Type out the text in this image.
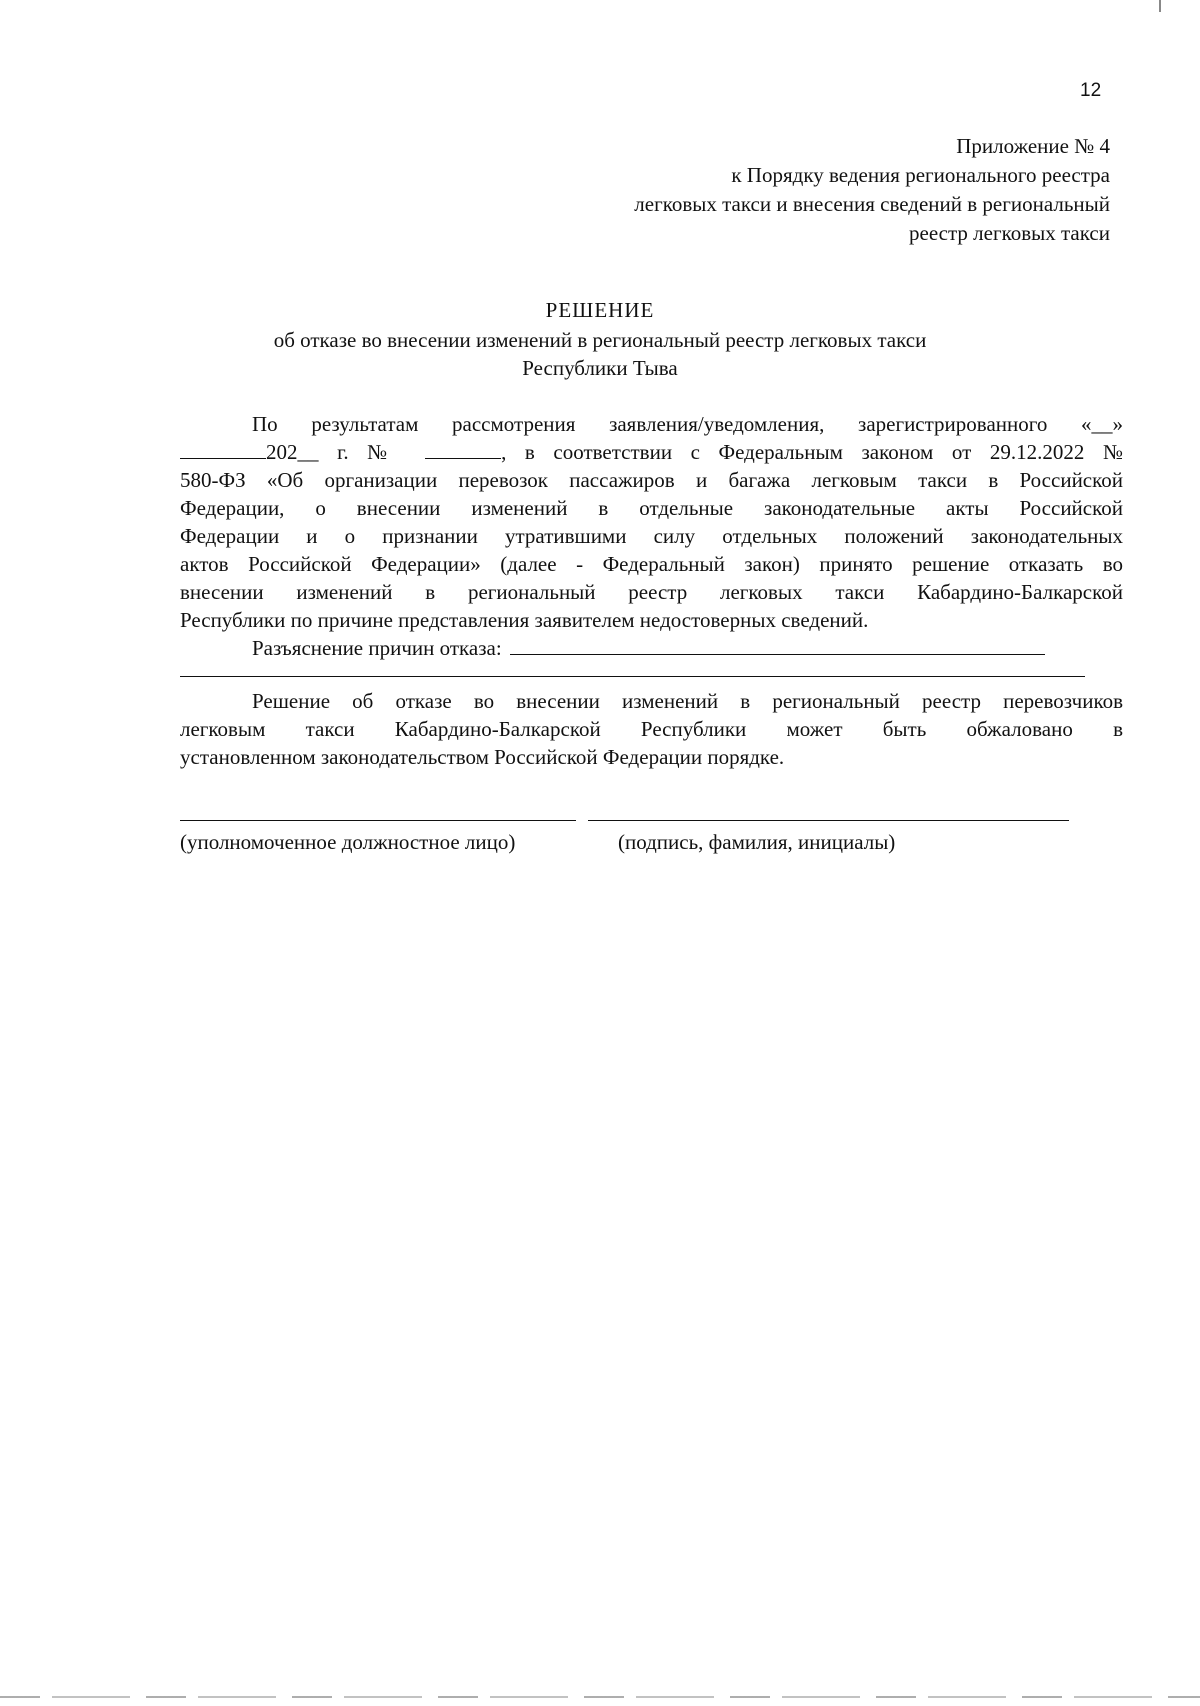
12
Приложение № 4
к Порядку ведения регионального реестра
легковых такси и внесения сведений в региональный
реестр легковых такси
РЕШЕНИЕ
об отказе во внесении изменений в региональный реестр легковых такси
Республики Тыва
По результатам рассмотрения заявления/уведомления, зарегистрированного «__»
202__ г. №	, в соответствии с Федеральным законом от 29.12.2022 №
580-ФЗ «Об организации перевозок пассажиров и багажа легковым такси в Российской
Федерации, о внесении изменений в отдельные законодательные акты Российской
Федерации и о признании утратившими силу отдельных положений законодательных
актов Российской Федерации» (далее - Федеральный закон) принято решение отказать во
внесении изменений в региональный реестр легковых такси Кабардино-Балкарской
Республики по причине представления заявителем недостоверных сведений.
Разъяснение причин отказа:
Решение об отказе во внесении изменений в региональный реестр перевозчиков
легковым такси Кабардино-Балкарской Республики может быть обжаловано в
установленном законодательством Российской Федерации порядке.
(уполномоченное должностное лицо)	(подпись, фамилия, инициалы)
